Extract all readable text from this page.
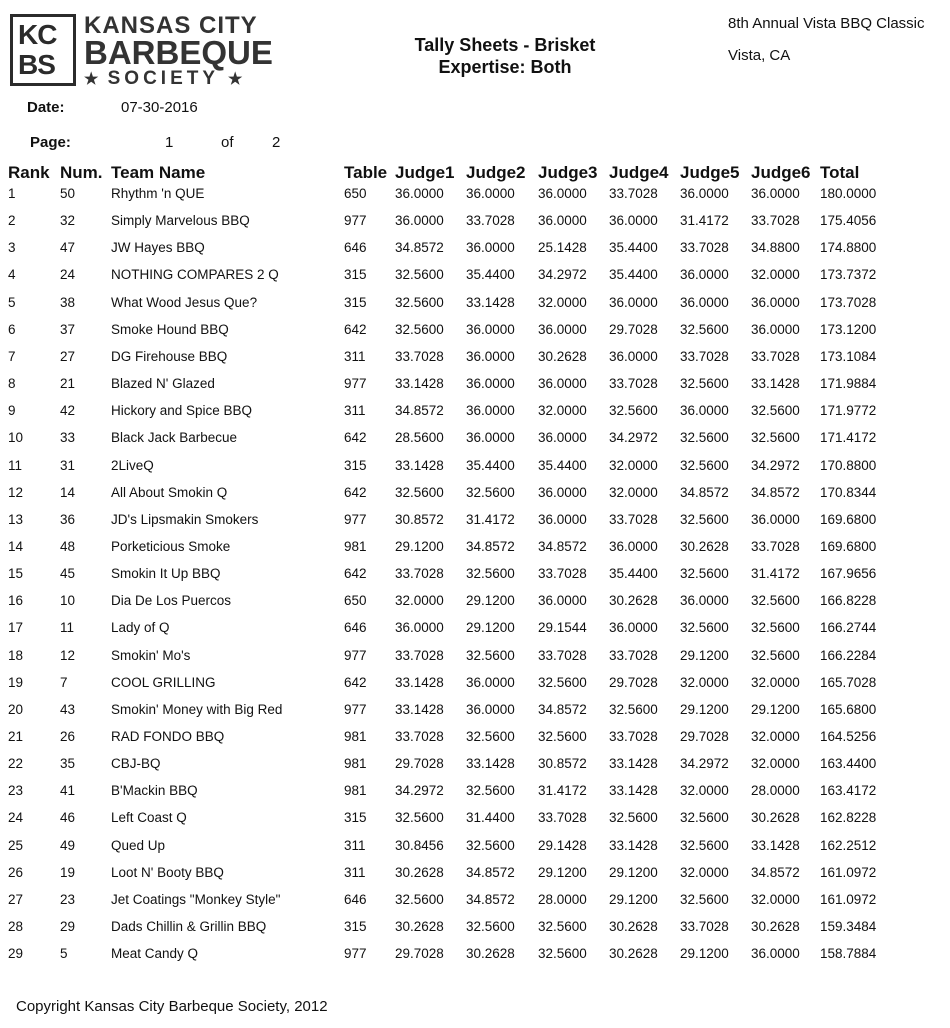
KC
BS
KANSAS CITY
BARBEQUE
★ SOCIETY ★
Tally Sheets - Brisket
Expertise: Both
8th Annual Vista BBQ Classic
Vista, CA
Date:	07-30-2016
Page:	1	of	2
Rank Num. Team Name	Table Judge1 Judge2 Judge3 Judge4 Judge5 Judge6 Total
1	50	Rhythm 'n QUE	650 36.0000 36.0000 36.0000 33.7028 36.0000 36.0000 180.0000
2	32	Simply Marvelous BBQ	977 36.0000 33.7028 36.0000 36.0000 31.4172 33.7028 175.4056
3	47	JW Hayes BBQ	646 34.8572 36.0000 25.1428 35.4400 33.7028 34.8800 174.8800
4	24	NOTHING COMPARES 2 Q	315 32.5600 35.4400 34.2972 35.4400 36.0000 32.0000 173.7372
5	38	What Wood Jesus Que?	315 32.5600 33.1428 32.0000 36.0000 36.0000 36.0000 173.7028
6	37	Smoke Hound BBQ	642 32.5600 36.0000 36.0000 29.7028 32.5600 36.0000 173.1200
7	27	DG Firehouse BBQ	311 33.7028 36.0000 30.2628 36.0000 33.7028 33.7028 173.1084
8	21	Blazed N' Glazed	977 33.1428 36.0000 36.0000 33.7028 32.5600 33.1428 171.9884
9	42	Hickory and Spice BBQ	311 34.8572 36.0000 32.0000 32.5600 36.0000 32.5600 171.9772
10	33	Black Jack Barbecue	642 28.5600 36.0000 36.0000 34.2972 32.5600 32.5600 171.4172
11	31	2LiveQ	315 33.1428 35.4400 35.4400 32.0000 32.5600 34.2972 170.8800
12	14	All About Smokin Q	642 32.5600 32.5600 36.0000 32.0000 34.8572 34.8572 170.8344
13	36	JD's Lipsmakin Smokers	977 30.8572 31.4172 36.0000 33.7028 32.5600 36.0000 169.6800
14	48	Porketicious Smoke	981 29.1200 34.8572 34.8572 36.0000 30.2628 33.7028 169.6800
15	45	Smokin It Up BBQ	642 33.7028 32.5600 33.7028 35.4400 32.5600 31.4172 167.9656
16	10	Dia De Los Puercos	650 32.0000 29.1200 36.0000 30.2628 36.0000 32.5600 166.8228
17	11	Lady of Q	646 36.0000 29.1200 29.1544 36.0000 32.5600 32.5600 166.2744
18	12	Smokin' Mo's	977 33.7028 32.5600 33.7028 33.7028 29.1200 32.5600 166.2284
19	7	COOL GRILLING	642 33.1428 36.0000 32.5600 29.7028 32.0000 32.0000 165.7028
20	43	Smokin' Money with Big Red	977 33.1428 36.0000 34.8572 32.5600 29.1200 29.1200 165.6800
21	26	RAD FONDO BBQ	981 33.7028 32.5600 32.5600 33.7028 29.7028 32.0000 164.5256
22	35	CBJ-BQ	981 29.7028 33.1428 30.8572 33.1428 34.2972 32.0000 163.4400
23	41	B'Mackin BBQ	981 34.2972 32.5600 31.4172 33.1428 32.0000 28.0000 163.4172
24	46	Left Coast Q	315 32.5600 31.4400 33.7028 32.5600 32.5600 30.2628 162.8228
25	49	Qued Up	311 30.8456 32.5600 29.1428 33.1428 32.5600 33.1428 162.2512
26	19	Loot N' Booty BBQ	311 30.2628 34.8572 29.1200 29.1200 32.0000 34.8572 161.0972
27	23	Jet Coatings "Monkey Style"	646 32.5600 34.8572 28.0000 29.1200 32.5600 32.0000 161.0972
28	29	Dads Chillin & Grillin BBQ	315 30.2628 32.5600 32.5600 30.2628 33.7028 30.2628 159.3484
29	5	Meat Candy Q	977 29.7028 30.2628 32.5600 30.2628 29.1200 36.0000 158.7884
Copyright Kansas City Barbeque Society, 2012
